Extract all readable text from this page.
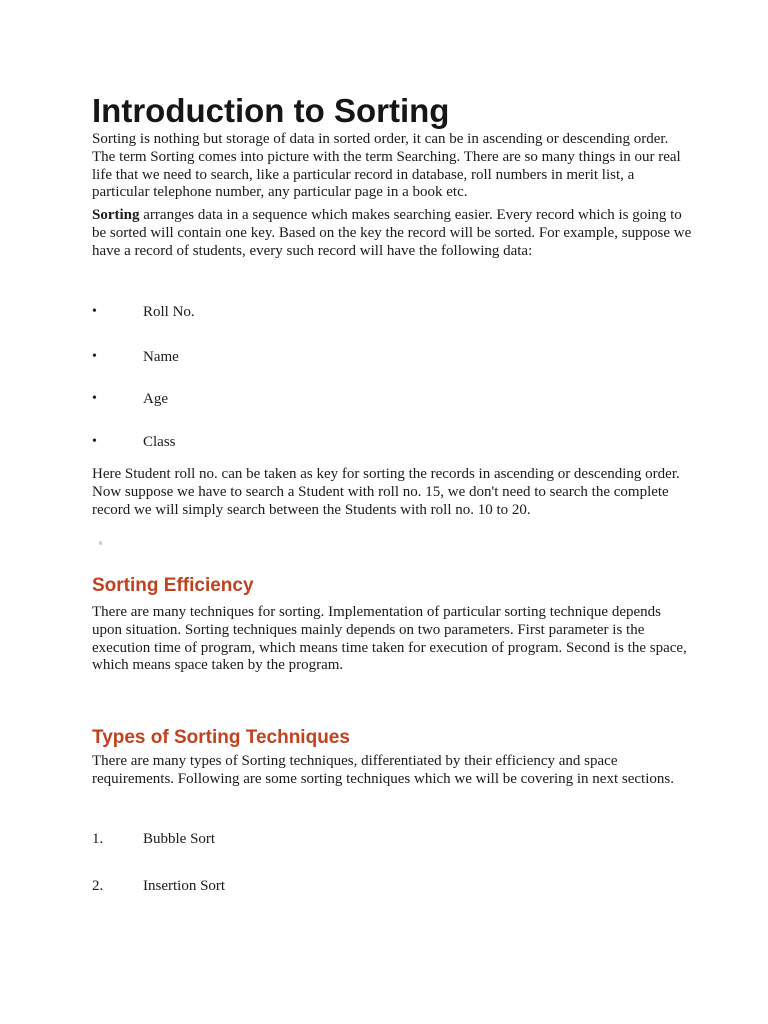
Introduction to Sorting

Sorting is nothing but storage of data in sorted order, it can be in ascending or descending order. The term Sorting comes into picture with the term Searching. There are so many things in our real life that we need to search, like a particular record in database, roll numbers in merit list, a particular telephone number, any particular page in a book etc.

Sorting arranges data in a sequence which makes searching easier. Every record which is going to be sorted will contain one key. Based on the key the record will be sorted. For example, suppose we have a record of students, every such record will have the following data:

•	Roll No.
•	Name
•	Age
•	Class

Here Student roll no. can be taken as key for sorting the records in ascending or descending order. Now suppose we have to search a Student with roll no. 15, we don't need to search the complete record we will simply search between the Students with roll no. 10 to 20.

Sorting Efficiency

There are many techniques for sorting. Implementation of particular sorting technique depends upon situation. Sorting techniques mainly depends on two parameters. First parameter is the execution time of program, which means time taken for execution of program. Second is the space, which means space taken by the program.

Types of Sorting Techniques

There are many types of Sorting techniques, differentiated by their efficiency and space requirements. Following are some sorting techniques which we will be covering in next sections.

1.	Bubble Sort
2.	Insertion Sort
